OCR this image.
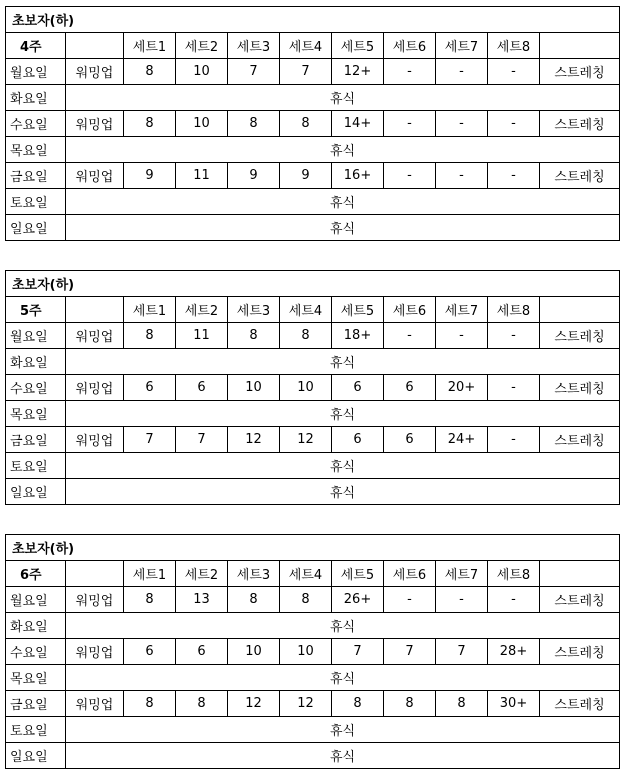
초보자(하)										
4주		세트1	세트2	세트3	세트4	세트5	세트6	세트7	세트8	
월요일	워밍업	8	10	7	7	12+	-	-	-	스트레칭
화요일	휴식									
수요일	워밍업	8	10	8	8	14+	-	-	-	스트레칭
목요일	휴식									
금요일	워밍업	9	11	9	9	16+	-	-	-	스트레칭
토요일	휴식									
일요일	휴식									
초보자(하)										
5주		세트1	세트2	세트3	세트4	세트5	세트6	세트7	세트8	
월요일	워밍업	8	11	8	8	18+	-	-	-	스트레칭
화요일	휴식									
수요일	워밍업	6	6	10	10	6	6	20+	-	스트레칭
목요일	휴식									
금요일	워밍업	7	7	12	12	6	6	24+	-	스트레칭
토요일	휴식									
일요일	휴식									
초보자(하)										
6주		세트1	세트2	세트3	세트4	세트5	세트6	세트7	세트8	
월요일	워밍업	8	13	8	8	26+	-	-	-	스트레칭
화요일	휴식									
수요일	워밍업	6	6	10	10	7	7	7	28+	스트레칭
목요일	휴식									
금요일	워밍업	8	8	12	12	8	8	8	30+	스트레칭
토요일	휴식									
일요일	휴식									
